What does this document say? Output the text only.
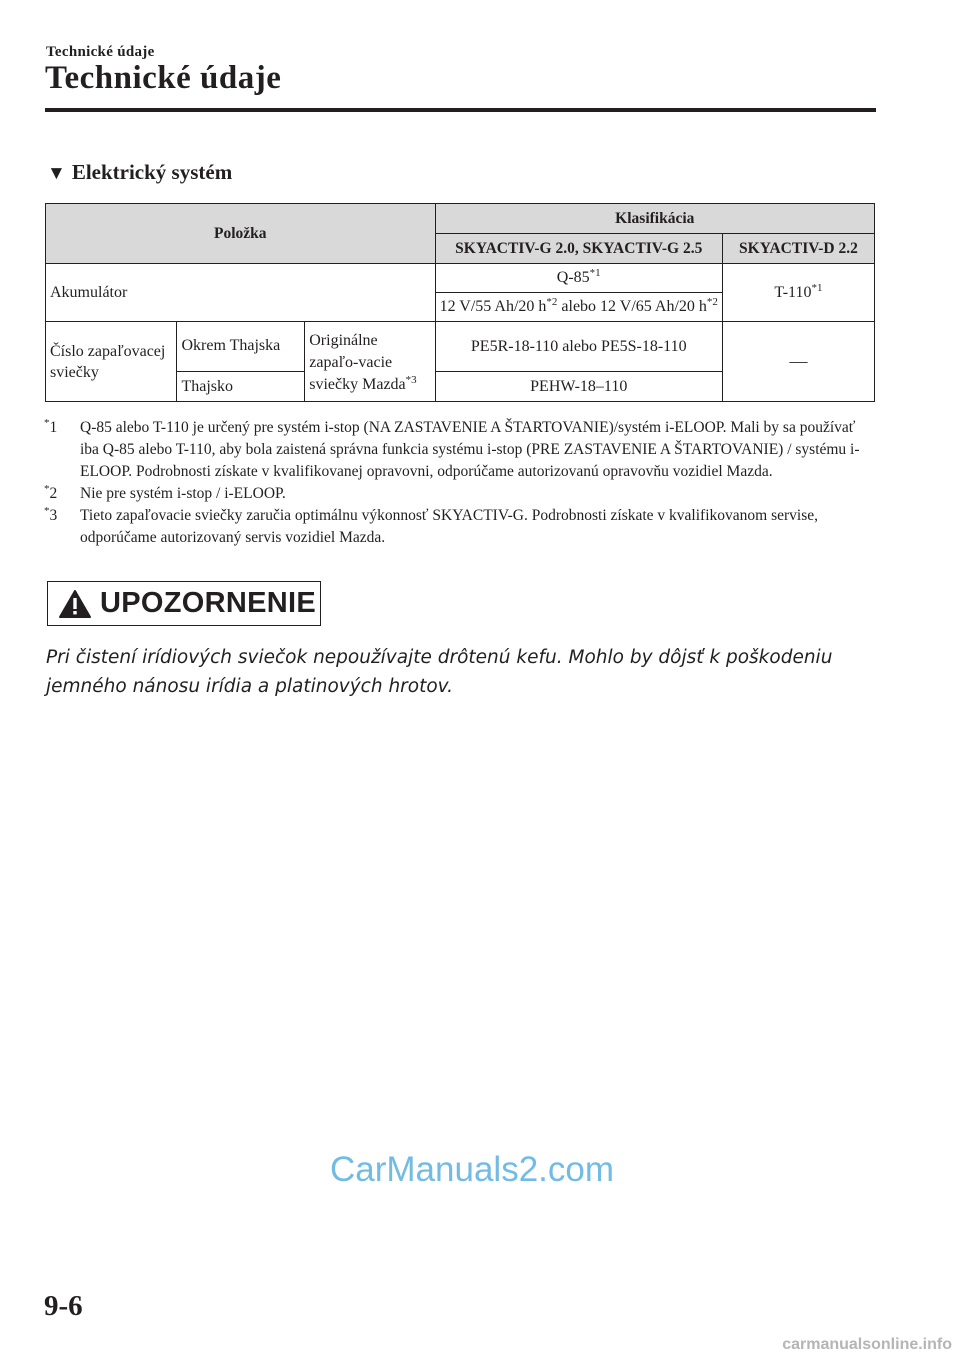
Technické údaje
Technické údaje
▼ Elektrický systém
Položka			Klasifikácia	
			SKYACTIV-G 2.0, SKYACTIV-G 2.5	SKYACTIV-D 2.2
Akumulátor			Q-85$^{*1}$	T-110$^{*1}$
			12 V/55 Ah/20 $h^{*2}$ alebo 12 V/65 Ah/20 $h^{*2}$
Číslo zapaľovacej sviečky	Okrem Thajska	Originálne zapaľo-vacie sviečky Mazda$^{*3}$	PE5R-18-110 alebo PE5S-18-110	—
	Thajsko		PEHW-18–110	
*1	Q-85 alebo T-110 je určený pre systém i-stop (NA ZASTAVENIE A ŠTARTOVANIE)/systém i-ELOOP. Mali by sa používať iba Q-85 alebo T-110, aby bola zaistená správna funkcia systému i-stop (PRE ZASTAVENIE A ŠTARTOVANIE) / systému i-ELOOP. Podrobnosti získate v kvalifikovanej opravovni, odporúčame autorizovanú opravovňu vozidiel Mazda.
*2	Nie pre systém i-stop / i-ELOOP.
*3	Tieto zapaľovacie sviečky zaručia optimálnu výkonnosť SKYACTIV-G. Podrobnosti získate v kvalifikovanom servise, odporúčame autorizovaný servis vozidiel Mazda.
UPOZORNENIE
Pri čistení irídiových sviečok nepoužívajte drôtenú kefu. Mohlo by dôjsť k poškodeniu jemného nánosu irídia a platinových hrotov.
CarManuals2.com
9-6
carmanualsonline.info
